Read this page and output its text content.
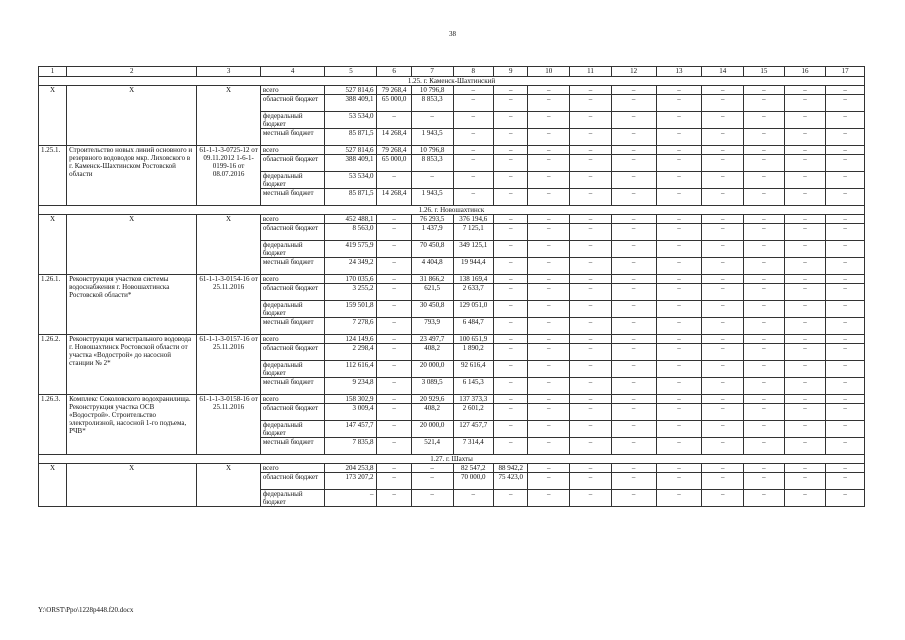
38
1	2	3	4	5	6	7	8	9	10	11	12	13	14	15	16	17
1.25. г. Каменск-Шахтинский																
Х	Х	Х	всего	527 814,6	79 268,4	10 796,8	–	–	–	–	–	–	–	–	–	–
			областной бюджет	388 409,1	65 000,0	8 853,3	–	–	–	–	–	–	–	–	–	–
			федеральный бюджет	53 534,0	–	–	–	–	–	–	–	–	–	–	–	–
			местный бюджет	85 871,5	14 268,4	1 943,5	–	–	–	–	–	–	–	–	–	–
1.25.1.	Строительство новых линий основного и резервного водоводов мкр. Лиховского в г. Каменск-Шахтинском Ростовской области	61-1-1-3-0725-12 от 09.11.2012 1-6-1-0199-16 от 08.07.2016	всего	527 814,6	79 268,4	10 796,8	–	–	–	–	–	–	–	–	–	–
			областной бюджет	388 409,1	65 000,0	8 853,3	–	–	–	–	–	–	–	–	–	–
			федеральный бюджет	53 534,0	–	–	–	–	–	–	–	–	–	–	–	–
			местный бюджет	85 871,5	14 268,4	1 943,5	–	–	–	–	–	–	–	–	–	–
1.26. г. Новошахтинск																
Х	Х	Х	всего	452 488,1	–	76 293,5	376 194,6	–	–	–	–	–	–	–	–	–
			областной бюджет	8 563,0	–	1 437,9	7 125,1	–	–	–	–	–	–	–	–	–
			федеральный бюджет	419 575,9	–	70 450,8	349 125,1	–	–	–	–	–	–	–	–	–
			местный бюджет	24 349,2	–	4 404,8	19 944,4	–	–	–	–	–	–	–	–	–
1.26.1.	Реконструкция участков системы водоснабжения г. Новошахтинска Ростовской области*	61-1-1-3-0154-16 от 25.11.2016	всего	170 035,6	–	31 866,2	138 169,4	–	–	–	–	–	–	–	–	–
			областной бюджет	3 255,2	–	621,5	2 633,7	–	–	–	–	–	–	–	–	–
			федеральный бюджет	159 501,8	–	30 450,8	129 051,0	–	–	–	–	–	–	–	–	–
			местный бюджет	7 278,6	–	793,9	6 484,7	–	–	–	–	–	–	–	–	–
1.26.2.	Реконструкция магистрального водовода г. Новошахтинск Ростовской области от участка «Водострой» до насосной станции № 2*	61-1-1-3-0157-16 от 25.11.2016	всего	124 149,6	–	23 497,7	100 651,9	–	–	–	–	–	–	–	–	–
			областной бюджет	2 298,4	–	408,2	1 890,2	–	–	–	–	–	–	–	–	–
			федеральный бюджет	112 616,4	–	20 000,0	92 616,4	–	–	–	–	–	–	–	–	–
			местный бюджет	9 234,8	–	3 089,5	6 145,3	–	–	–	–	–	–	–	–	–
1.26.3.	Комплекс Соколовского водохранилища. Реконструкция участка ОСВ «Водострой». Строительство электролизной, насосной 1-го подъема, РЧВ*	61-1-1-3-0158-16 от 25.11.2016	всего	158 302,9	–	20 929,6	137 373,3	–	–	–	–	–	–	–	–	–
			областной бюджет	3 009,4	–	408,2	2 601,2	–	–	–	–	–	–	–	–	–
			федеральный бюджет	147 457,7	–	20 000,0	127 457,7	–	–	–	–	–	–	–	–	–
			местный бюджет	7 835,8	–	521,4	7 314,4	–	–	–	–	–	–	–	–	–
1.27. г. Шахты																
Х	Х	Х	всего	204 253,8	–	–	82 547,2	88 942,2	–	–	–	–	–	–	–	–
			областной бюджет	173 207,2	–	–	70 000,0	75 423,0	–	–	–	–	–	–	–	–
			федеральный бюджет	–	–	–	–	–	–	–	–	–	–	–	–	–
Y:\ORST\Ppo\1228p448.f20.docx
